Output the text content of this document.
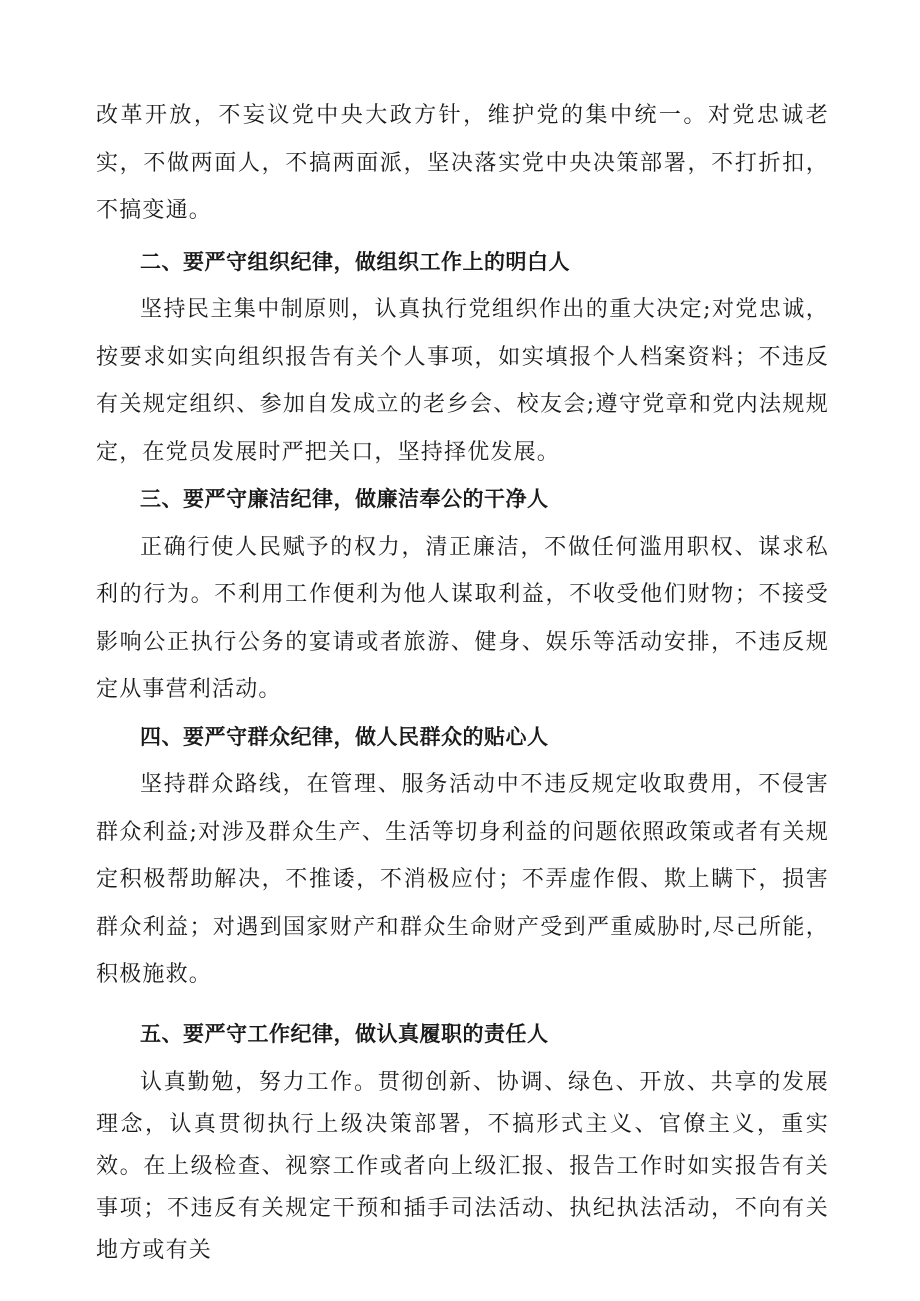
改革开放，不妄议党中央大政方针，维护党的集中统一。对党忠诚老实，不做两面人，不搞两面派，坚决落实党中央决策部署，不打折扣，不搞变通。

二、要严守组织纪律，做组织工作上的明白人

坚持民主集中制原则，认真执行党组织作出的重大决定;对党忠诚，按要求如实向组织报告有关个人事项，如实填报个人档案资料；不违反有关规定组织、参加自发成立的老乡会、校友会;遵守党章和党内法规规定，在党员发展时严把关口，坚持择优发展。

三、要严守廉洁纪律，做廉洁奉公的干净人

正确行使人民赋予的权力，清正廉洁，不做任何滥用职权、谋求私利的行为。不利用工作便利为他人谋取利益，不收受他们财物；不接受影响公正执行公务的宴请或者旅游、健身、娱乐等活动安排，不违反规定从事营利活动。

四、要严守群众纪律，做人民群众的贴心人

坚持群众路线，在管理、服务活动中不违反规定收取费用，不侵害群众利益;对涉及群众生产、生活等切身利益的问题依照政策或者有关规定积极帮助解决，不推诿，不消极应付；不弄虚作假、欺上瞒下，损害群众利益；对遇到国家财产和群众生命财产受到严重威胁时,尽己所能，积极施救。

五、要严守工作纪律，做认真履职的责任人

认真勤勉，努力工作。贯彻创新、协调、绿色、开放、共享的发展理念，认真贯彻执行上级决策部署，不搞形式主义、官僚主义，重实效。在上级检查、视察工作或者向上级汇报、报告工作时如实报告有关事项；不违反有关规定干预和插手司法活动、执纪执法活动，不向有关地方或有关
